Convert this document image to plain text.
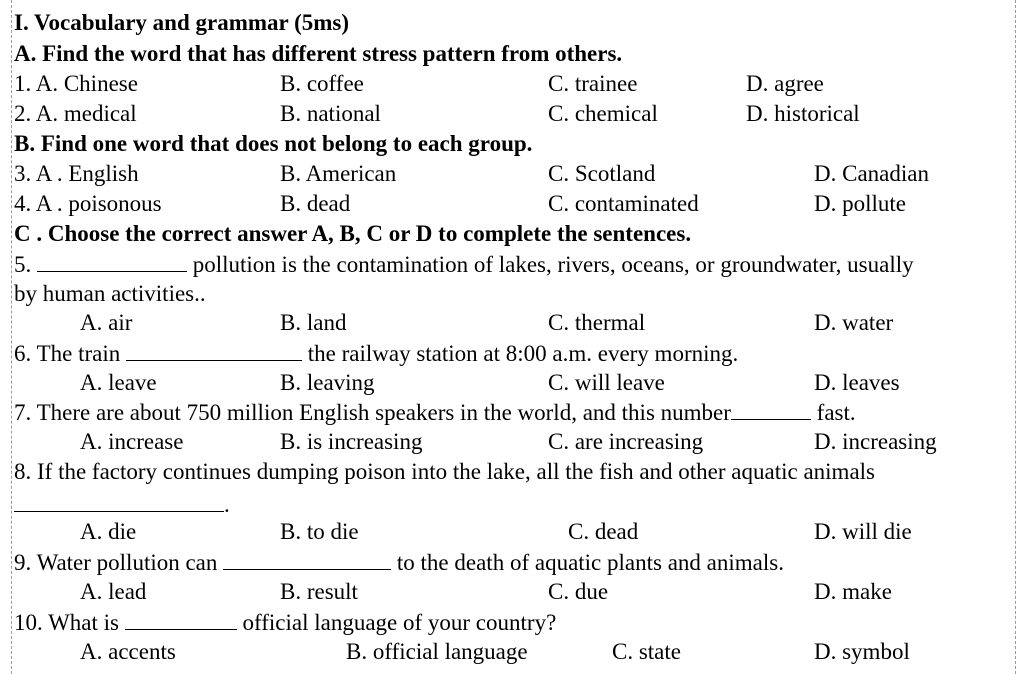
I. Vocabulary and grammar (5ms)
A. Find the word that has different stress pattern from others.
1. A. Chinese	B. coffee	C. trainee	D. agree
2. A. medical	B. national	C. chemical	D. historical
B. Find one word that does not belong to each group.
3. A . English	B. American	C. Scotland	D. Canadian
4. A . poisonous	B. dead	C. contaminated	D. pollute
C . Choose the correct answer A, B, C or D to complete the sentences.
5.	pollution is the contamination of lakes, rivers, oceans, or groundwater, usually
by human activities..
A. air	B. land	C. thermal	D. water
6. The train	the railway station at 8:00 a.m. every morning.
A. leave	B. leaving	C. will leave	D. leaves
7. There are about 750 million English speakers in the world, and this number	fast.
A. increase	B. is increasing	C. are increasing	D. increasing
8. If the factory continues dumping poison into the lake, all the fish and other aquatic animals
.
A. die	B. to die	C. dead	D. will die
9. Water pollution can	to the death of aquatic plants and animals.
A. lead	B. result	C. due	D. make
10. What is	official language of your country?
A. accents	B. official language	C. state	D. symbol
